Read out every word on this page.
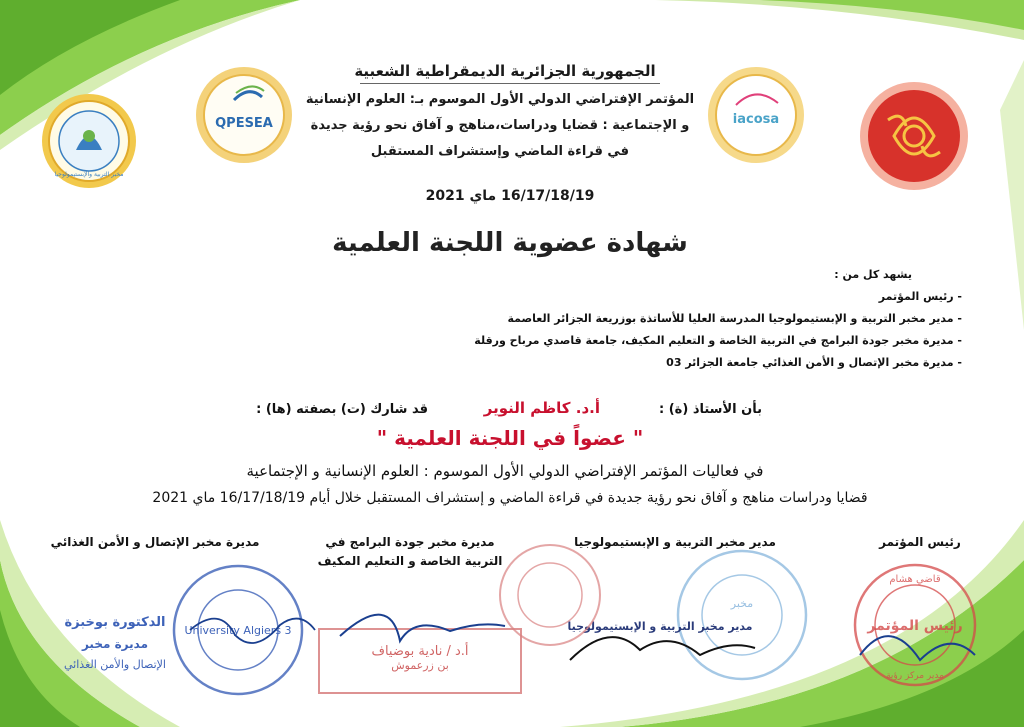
مخبر التربية والإبستيمولوجيا
QPESEA	iacosa
الجمهورية الجزائرية الديمقراطية الشعبية
المؤتمر الإفتراضي الدولي الأول الموسوم بـ: العلوم الإنسانية
و الإجتماعية : قضايا ودراسات،مناهج و آفاق نحو رؤية جديدة
في قراءة الماضي وإستشراف المستقبل
16/17/18/19 ماي 2021
شهادة عضوية اللجنة العلمية
يشهد كل من :
- رئيس المؤتمر
- مدير مخبر التربية و الإبستيمولوجيا المدرسة العليا للأساتذة بوزريعة الجزائر العاصمة
- مديرة مخبر جودة البرامج في التربية الخاصة و التعليم المكيف، جامعة قاصدي مرباح ورقلة
- مديرة مخبر الإتصال و الأمن الغذائي جامعة الجزائر 03
بأن الأستاذ (ة) :
أ.د. كاظم النوير
قد شارك (ت) بصفته (ها) :
" عضواً في اللجنة العلمية "
في فعاليات المؤتمر الإفتراضي الدولي الأول الموسوم : العلوم الإنسانية و الإجتماعية
قضايا ودراسات مناهج و آفاق نحو رؤية جديدة في قراءة الماضي و إستشراف المستقبل خلال أيام 16/17/18/19 ماي 2021
رئيس المؤتمر
مدير مخبر التربية و الإبستيمولوجيا
مديرة مخبر جودة البرامج في
التربية الخاصة و التعليم المكيف
مديرة مخبر الإتصال و الأمن الغذائي
قاضي هشام
رئيس المؤتمر
مدير مركز رؤية
مخبر
مدير مخبر التربية و الإبستيمولوجيا
أ.د / نادية بوضياف
بن زرعموش
University Algiers 3
الدكتورة بوخبزة
مديرة مخبر
الإتصال والأمن الغذائي
